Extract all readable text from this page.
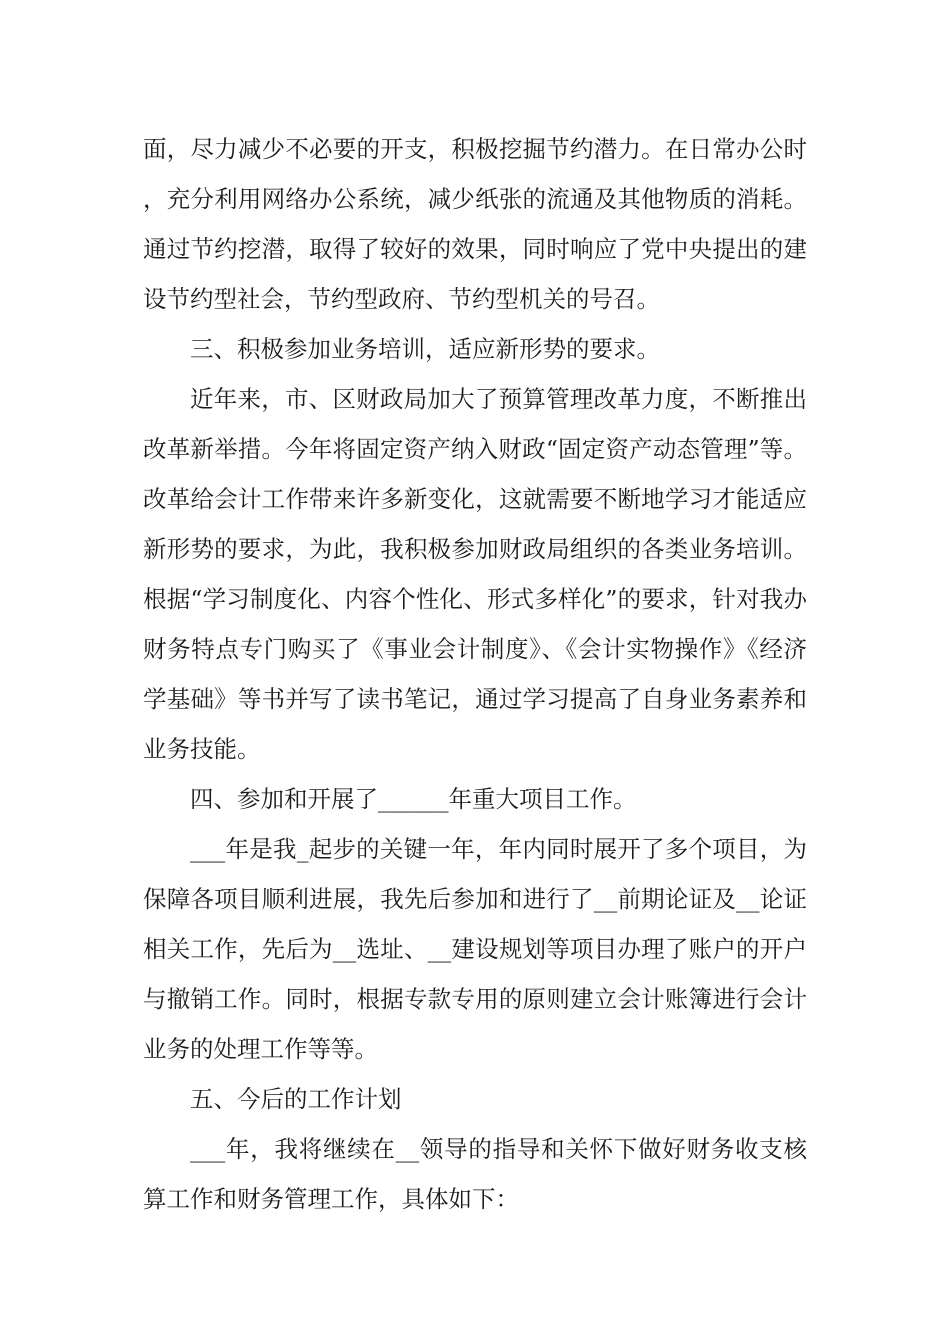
面，尽力减少不必要的开支，积极挖掘节约潜力。在日常办公时，充分利用网络办公系统，减少纸张的流通及其他物质的消耗。通过节约挖潜，取得了较好的效果，同时响应了党中央提出的建设节约型社会，节约型政府、节约型机关的号召。

三、积极参加业务培训，适应新形势的要求。

近年来，市、区财政局加大了预算管理改革力度，不断推出改革新举措。今年将固定资产纳入财政“固定资产动态管理”等。改革给会计工作带来许多新变化，这就需要不断地学习才能适应新形势的要求，为此，我积极参加财政局组织的各类业务培训。根据“学习制度化、内容个性化、形式多样化”的要求，针对我办财务特点专门购买了《事业会计制度》、《会计实物操作》《经济学基础》等书并写了读书笔记，通过学习提高了自身业务素养和业务技能。

四、参加和开展了______年重大项目工作。

___年是我_起步的关键一年，年内同时展开了多个项目，为保障各项目顺利进展，我先后参加和进行了__前期论证及__论证相关工作，先后为__选址、__建设规划等项目办理了账户的开户与撤销工作。同时，根据专款专用的原则建立会计账簿进行会计业务的处理工作等等。

五、今后的工作计划

___年，我将继续在__领导的指导和关怀下做好财务收支核算工作和财务管理工作，具体如下：
